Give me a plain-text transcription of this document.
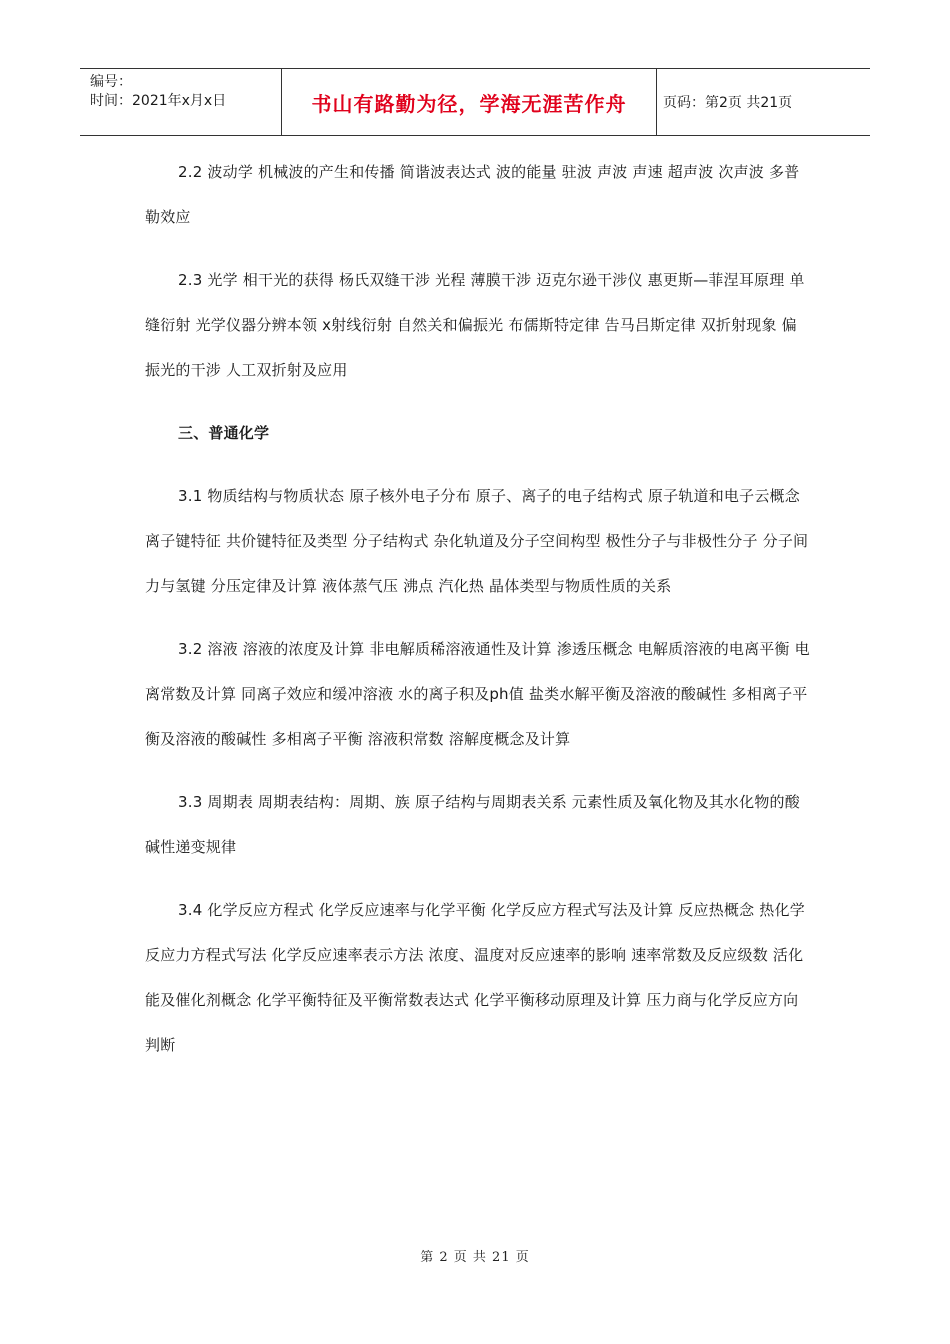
编号：
时间：2021年x月x日	书山有路勤为径，学海无涯苦作舟	页码：第2页 共21页

2.2 波动学 机械波的产生和传播 简谐波表达式 波的能量 驻波 声波 声速 超声波 次声波 多普勒效应

2.3 光学 相干光的获得 杨氏双缝干涉 光程 薄膜干涉 迈克尔逊干涉仪 惠更斯—菲涅耳原理 单缝衍射 光学仪器分辨本领 x射线衍射 自然关和偏振光 布儒斯特定律 告马吕斯定律 双折射现象 偏振光的干涉 人工双折射及应用

三、普通化学

3.1 物质结构与物质状态 原子核外电子分布 原子、离子的电子结构式 原子轨道和电子云概念 离子键特征 共价键特征及类型 分子结构式 杂化轨道及分子空间构型 极性分子与非极性分子 分子间力与氢键 分压定律及计算 液体蒸气压 沸点 汽化热 晶体类型与物质性质的关系

3.2 溶液 溶液的浓度及计算 非电解质稀溶液通性及计算 渗透压概念 电解质溶液的电离平衡 电离常数及计算 同离子效应和缓冲溶液 水的离子积及ph值 盐类水解平衡及溶液的酸碱性 多相离子平衡及溶液的酸碱性 多相离子平衡 溶液积常数 溶解度概念及计算

3.3 周期表 周期表结构：周期、族 原子结构与周期表关系 元素性质及氧化物及其水化物的酸碱性递变规律

3.4 化学反应方程式 化学反应速率与化学平衡 化学反应方程式写法及计算 反应热概念 热化学反应力方程式写法 化学反应速率表示方法 浓度、温度对反应速率的影响 速率常数及反应级数 活化能及催化剂概念 化学平衡特征及平衡常数表达式 化学平衡移动原理及计算 压力商与化学反应方向判断

第 2 页 共 21 页
